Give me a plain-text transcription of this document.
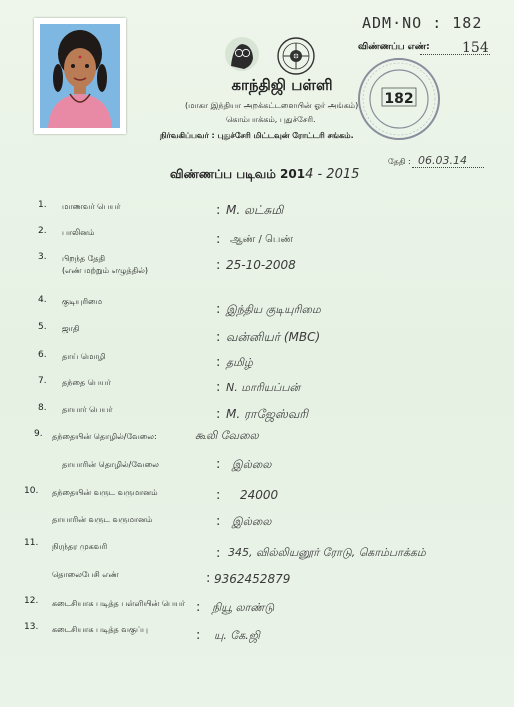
காந்திஜி பள்ளி
(மாகா இந்தியா அறக்கட்டளையின் ஓர் அங்கம்)
கொம்பாக்கம், புதுச்சேரி.
நிர்வகிப்பவர் : புதுச்சேரி மிட்டவுன் ரோட்டரி சங்கம்.
ADM·NO : 182
விண்ணப்ப எண்: 154
182
தேதி : 06.03.14
விண்ணப்ப படிவம் 2014 - 2015
1. மாணவர் பெயர்	: M. லட்சுமி
2. பாலினம்	: ஆண் / பெண்
3. பிறந்த தேதி
(எண் மற்றும் எழுத்தில்)	: 25-10-2008
4. குடியுரிமை
: இந்திய குடியுரிமை
5. ஜாதி
: வன்னியர் (MBC)
6. தாய் மொழி	: தமிழ்
7. தந்தை பெயர்	: N. மாரியப்பன்
8. தாயார் பெயர்	: M. ராஜேஸ்வரி
9. தந்தையின் தொழில்/வேலை:	கூலி வேலை
தாயாரின் தொழில்/வேலை	: இல்லை
10. தந்தையின் வருட வருமானம்	: 24000
தாயாரின் வருட வருமானம்	: இல்லை
11. நிரந்தர முகவரி	: 345, வில்லியனூர் ரோடு, கொம்பாக்கம்
தொலைபேசி எண்	: 9362452879
12. கடைசியாக படித்த பள்ளியின் பெயர் : நியூ லாண்டு
13. கடைசியாக படித்த வகுப்பு	: யு. கே.ஜி
